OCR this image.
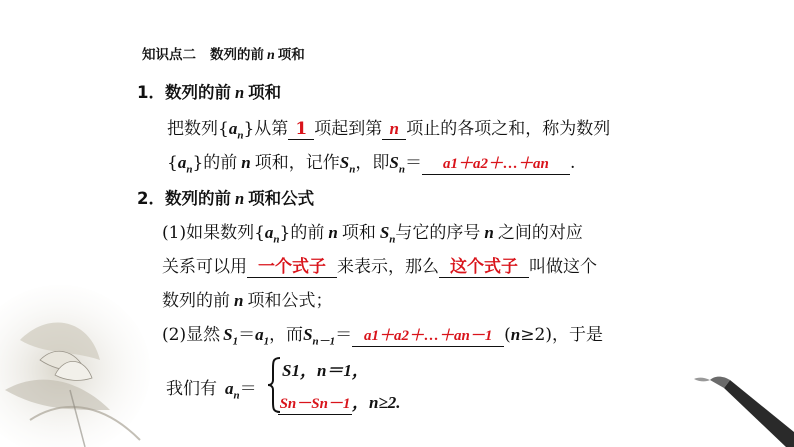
知识点二 数列的前 n 项和
1．数列的前 n 项和
把数列$\{a_n\}$从第 1 项起到第 n 项止的各项之和，称为数列
$\{a_n\}$的前 n 项和，记作$S_n$，即$S_n=$ a1＋a2＋…＋an .
2．数列的前 n 项和公式
(1)如果数列$\{a_n\}$的前 n 项和 $S_n$与它的序号 n 之间的对应
关系可以用 一个式子 来表示，那么 这个式子 叫做这个
数列的前 n 项和公式；
(2)显然 $S_1=a_1$，而$S_{n-1}=$ a1＋a2＋…＋an－1 (n≥2)，于是
我们有 $a_n=$
S1，n＝1，
Sn－Sn－1，n≥2.
